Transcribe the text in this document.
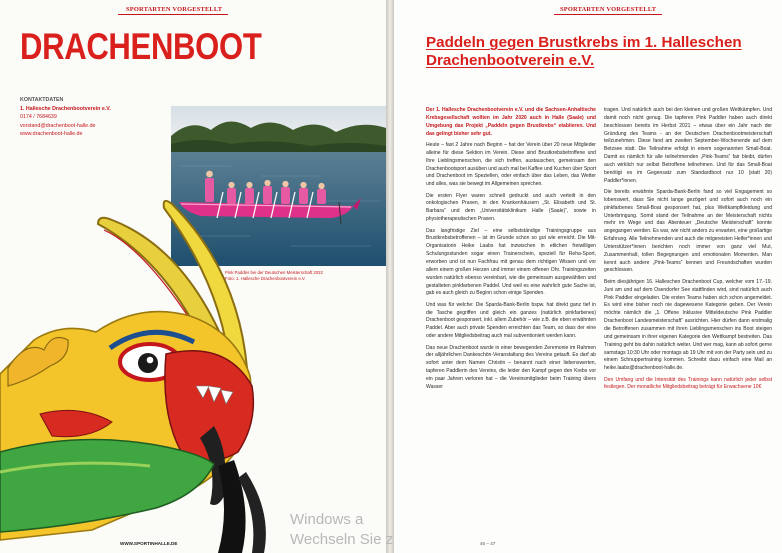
SPORTARTEN VORGESTELLT
DRACHENBOOT
KONTAKTDATEN
1. Hallesche Drachenbootverein e.V.
0174 / 7684639
vorstand@drachenboot-halle.de
www.drachenboot-halle.de
Pink Paddler bei der Deutschen Meisterschaft 2022
Foto: 1. Hallesche Drachenbootverein e.V.
WWW.SPORTINHALLE.DE
SPORTARTEN VORGESTELLT
Paddeln gegen Brustkrebs im 1. Halleschen Drachenbootverein e.V.

Der 1. Hallesche Drachenbootverein e.V. und die Sachsen-Anhaltische Krebsgesellschaft wollten im Jahr 2020 auch in Halle (Saale) und Umgebung das Projekt „Paddeln gegen Brustkrebs“ etablieren. Und das gelingt bisher sehr gut.

Heute – fast 2 Jahre nach Beginn – hat der Verein über 20 neue Mitglieder alleine für diese Sektion im Verein. Diese sind Brustkrebsbetroffene und Ihre Lieblingsmenschen, die sich treffen, austauschen, gemeinsam den Drachenbootsport ausüben und auch mal bei Kaffee und Kuchen über Sport und Drachenboot im Speziellen, oder einfach über das Leben, das Wetter und alles, was sie bewegt im Allgemeinen sprechen.

Die ersten Flyer waren schnell gedruckt und auch verteilt in den onkologischen Praxen, in den Krankenhäusern „St. Elisabeth und St. Barbara“ und dem „Universitätsklinikum Halle (Saale)“, sowie in physiotherapeutischen Praxen.

Das langfristige Ziel – eine selbstständige Trainingsgruppe aus Brustkrebsbetroffenen – ist im Grunde schon so gut wie erreicht. Die Mit-Organisatorin Heike Laabs hat inzwischen in etlichen freiwilligen Schulungsstunden sogar einen Trainerschein, speziell für Reha-Sport, erworben und ist nun Fachfrau mit genau dem richtigen Wissen und vor allem einem großen Herzen und immer einem offenen Ohr. Trainingszeiten wurden natürlich ebenso vereinbart, wie die gemeinsam ausgewählten und gestalteten pinkfarbenen Paddel. Und weil es eine wahrlich gute Sache ist, gab es auch gleich zu Beginn schon einige Spenden.

Und was für welche: Die Sparda-Bank-Berlin bspw. hat direkt ganz tief in die Tasche gegriffen und gleich ein ganzes (natürlich pinkfarbenes) Drachenboot gesponsert, inkl. allem Zubehör – wie z.B. die eben erwähnten Paddel. Aber auch private Spenden erreichten das Team, so dass der eine oder andere Mitgliedsbeitrag auch mal subventioniert werden kann.

Das neue Drachenboot wurde in einer bewegenden Zeremonie im Rahmen der alljährlichen Dankeschön-Veranstaltung des Vereins getauft. Es darf ab sofort unter dem Namen Christin – benannt nach einer liebenswerten, tapferen Paddlerin des Vereins, die leider den Kampf gegen den Krebs vor ein paar Jahren verloren hat – die Vereinsmitglieder beim Training übers Wasser

tragen. Und natürlich auch bei den kleinen und großen Wettkämpfen. Und damit noch nicht genug. Die tapferen Pink Paddler haben auch direkt beschlossen bereits im Herbst 2021 – etwas über ein Jahr nach der Gründung des Teams - an der Deutschen Drachenbootmeisterschaft teilzunehmen. Diese fand am zweiten September-Wochenende auf dem Betzsee statt. Die Teilnahme erfolgt in einem sogenannten Small-Boat. Damit es nämlich für alle teilnehmenden „Pink-Teams“ fair bleibt, dürfen auch wirklich nur selbst Betroffene teilnehmen. Und für das Small-Boat benötigt es im Gegensatz zum Standardboot nur 10 (statt 20) Paddler*innen.

Die bereits erwähnte Sparda-Bank-Berlin fand so viel Engagement so lobenswert, dass Sie nicht lange gezögert und sofort auch noch ein pinkfarbenes Small-Boat gesponsert hat, plus Weltkampfkleidung und Unterbringung. Somit stand der Teilnahme an der Meisterschaft nichts mehr im Wege und das Abenteuer „Deutsche Meisterschaft“ konnte angegangen werden. Es war, wie nicht anders zu erwarten, eine großartige Erfahrung. Alle Teilnehmenden und auch die mitgereisten Helfer*innen und Unterstützer*innen berichten noch immer von ganz viel Mut, Zusammenhalt, tollen Begegnungen und emotionalen Momenten. Man kennt auch andere „Pink-Teams“ kennen und Freundschaften wurden geschlossen.

Beim diesjährigen 16. Halleschen Drachenboot Cup, welcher vom 17.-19. Juni am und auf dem Osendorfer See stattfinden wird, sind natürlich auch Pink Paddler eingeladen. Die ersten Teams haben sich schon angemeldet. Es wird eine bisher noch nie dagewesene Kategorie geben. Der Verein möchte nämlich die „1. Offene Inklusive Mitteldeutsche Pink Paddler Drachenboot Landesmeisterschaft“ ausrichten. Hier dürfen dann erstmalig die Betroffenen zusammen mit ihren Lieblingsmenschen ins Boot steigen und gemeinsam in ihrer eigenen Kategorie den Wettkampf bestreiten. Das Training geht bis dahin natürlich weiter. Und wer mag, kann ab sofort gerne samstags 10:30 Uhr oder montags ab 19 Uhr mit von der Party sein und zu einem Schnuppertraining kommen. Schreibt dazu einfach eine Mail an heike.laabs@drachenboot-halle.de.

Den Umfang und die Intensität des Trainings kann natürlich jeder selbst festlegen. Der monatliche Mitgliedsbeitrag beträgt für Erwachsene 10€

46 – 47
Windows a
Wechseln Sie z
